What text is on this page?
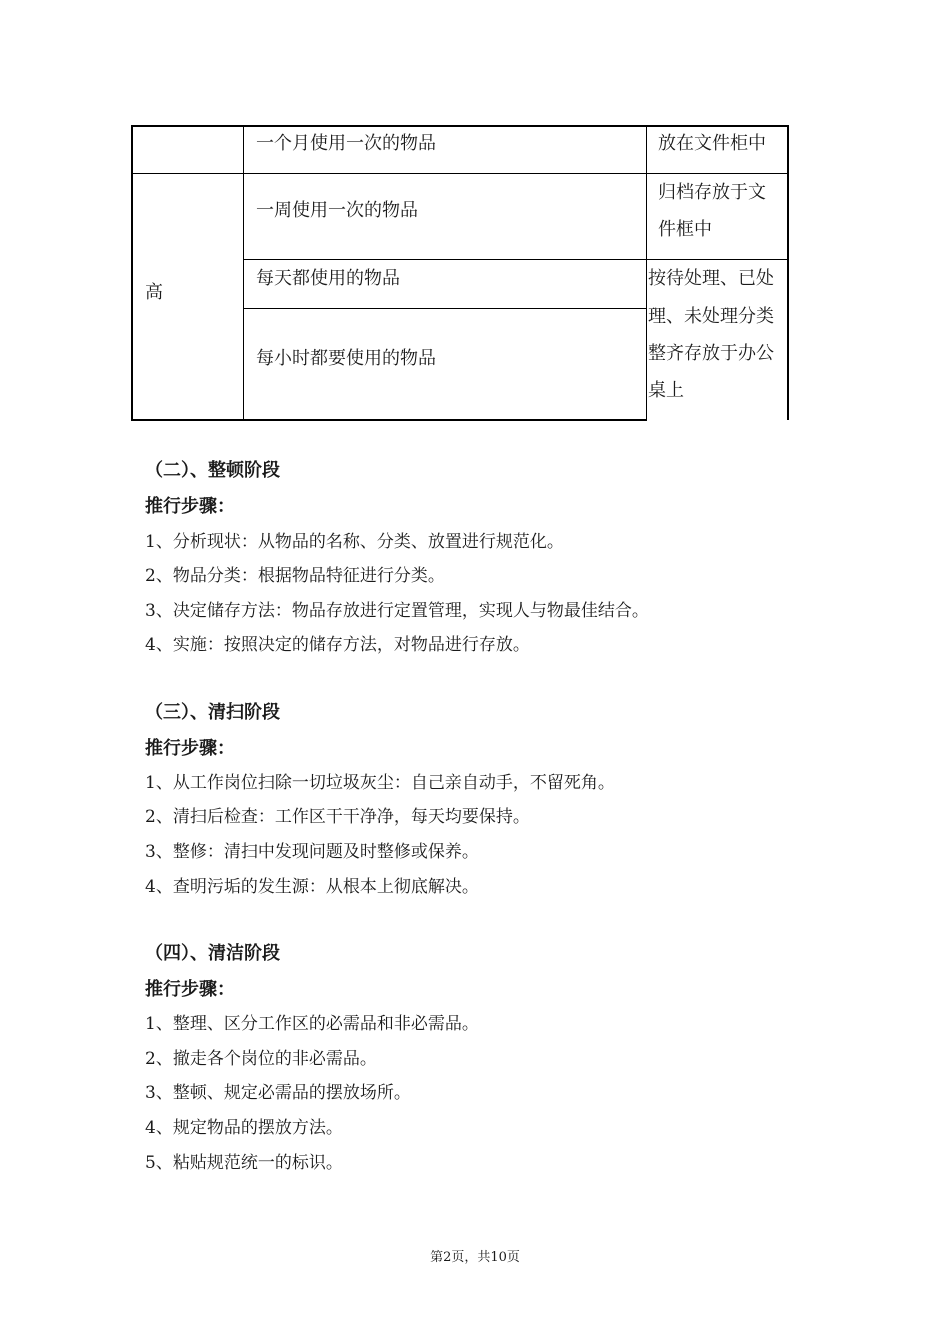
一个月使用一次的物品	放在文件柜中
高
一周使用一次的物品
归档存放于文
件框中
每天都使用的物品
每小时都要使用的物品
按待处理、已处
理、未处理分类
整齐存放于办公
桌上
（二）、整顿阶段
推行步骤：
1、分析现状：从物品的名称、分类、放置进行规范化。
2、物品分类：根据物品特征进行分类。
3、决定储存方法：物品存放进行定置管理，实现人与物最佳结合。
4、实施：按照决定的储存方法，对物品进行存放。
（三）、清扫阶段
推行步骤：
1、从工作岗位扫除一切垃圾灰尘：自己亲自动手，不留死角。
2、清扫后检查：工作区干干净净，每天均要保持。
3、整修：清扫中发现问题及时整修或保养。
4、查明污垢的发生源：从根本上彻底解决。
（四）、清洁阶段
推行步骤：
1、整理、区分工作区的必需品和非必需品。
2、撤走各个岗位的非必需品。
3、整顿、规定必需品的摆放场所。
4、规定物品的摆放方法。
5、粘贴规范统一的标识。
第2页，共10页
